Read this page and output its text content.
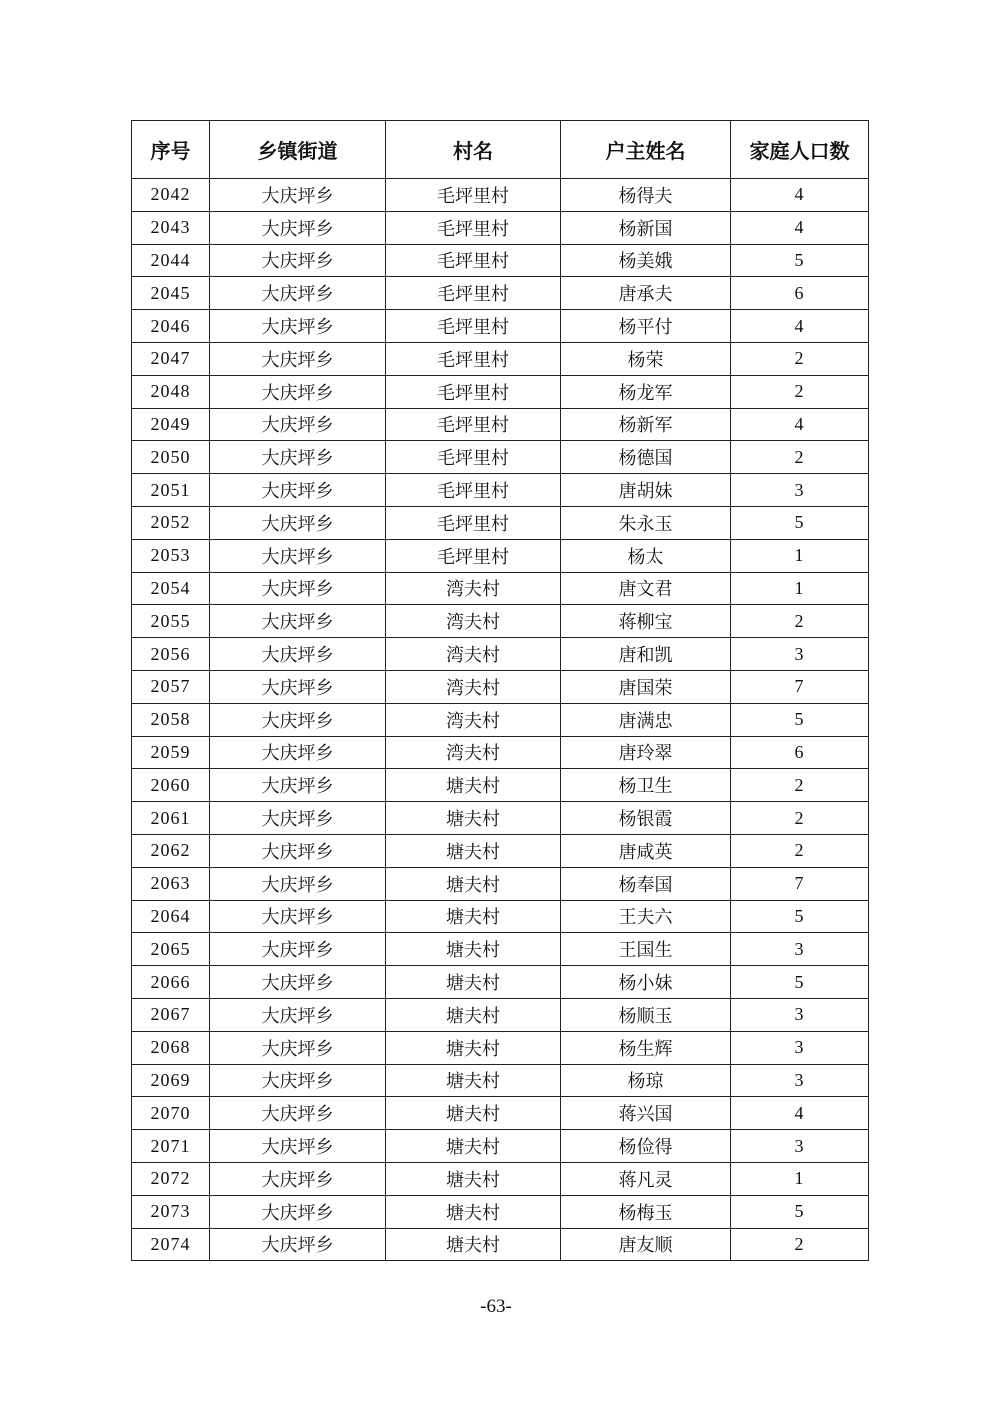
序号	乡镇街道	村名	户主姓名	家庭人口数
2042	大庆坪乡	毛坪里村	杨得夫	4
2043	大庆坪乡	毛坪里村	杨新国	4
2044	大庆坪乡	毛坪里村	杨美娥	5
2045	大庆坪乡	毛坪里村	唐承夫	6
2046	大庆坪乡	毛坪里村	杨平付	4
2047	大庆坪乡	毛坪里村	杨荣	2
2048	大庆坪乡	毛坪里村	杨龙军	2
2049	大庆坪乡	毛坪里村	杨新军	4
2050	大庆坪乡	毛坪里村	杨德国	2
2051	大庆坪乡	毛坪里村	唐胡妹	3
2052	大庆坪乡	毛坪里村	朱永玉	5
2053	大庆坪乡	毛坪里村	杨太	1
2054	大庆坪乡	湾夫村	唐文君	1
2055	大庆坪乡	湾夫村	蒋柳宝	2
2056	大庆坪乡	湾夫村	唐和凯	3
2057	大庆坪乡	湾夫村	唐国荣	7
2058	大庆坪乡	湾夫村	唐满忠	5
2059	大庆坪乡	湾夫村	唐玲翠	6
2060	大庆坪乡	塘夫村	杨卫生	2
2061	大庆坪乡	塘夫村	杨银霞	2
2062	大庆坪乡	塘夫村	唐咸英	2
2063	大庆坪乡	塘夫村	杨奉国	7
2064	大庆坪乡	塘夫村	王夫六	5
2065	大庆坪乡	塘夫村	王国生	3
2066	大庆坪乡	塘夫村	杨小妹	5
2067	大庆坪乡	塘夫村	杨顺玉	3
2068	大庆坪乡	塘夫村	杨生辉	3
2069	大庆坪乡	塘夫村	杨琼	3
2070	大庆坪乡	塘夫村	蒋兴国	4
2071	大庆坪乡	塘夫村	杨俭得	3
2072	大庆坪乡	塘夫村	蒋凡灵	1
2073	大庆坪乡	塘夫村	杨梅玉	5
2074	大庆坪乡	塘夫村	唐友顺	2
-63-
